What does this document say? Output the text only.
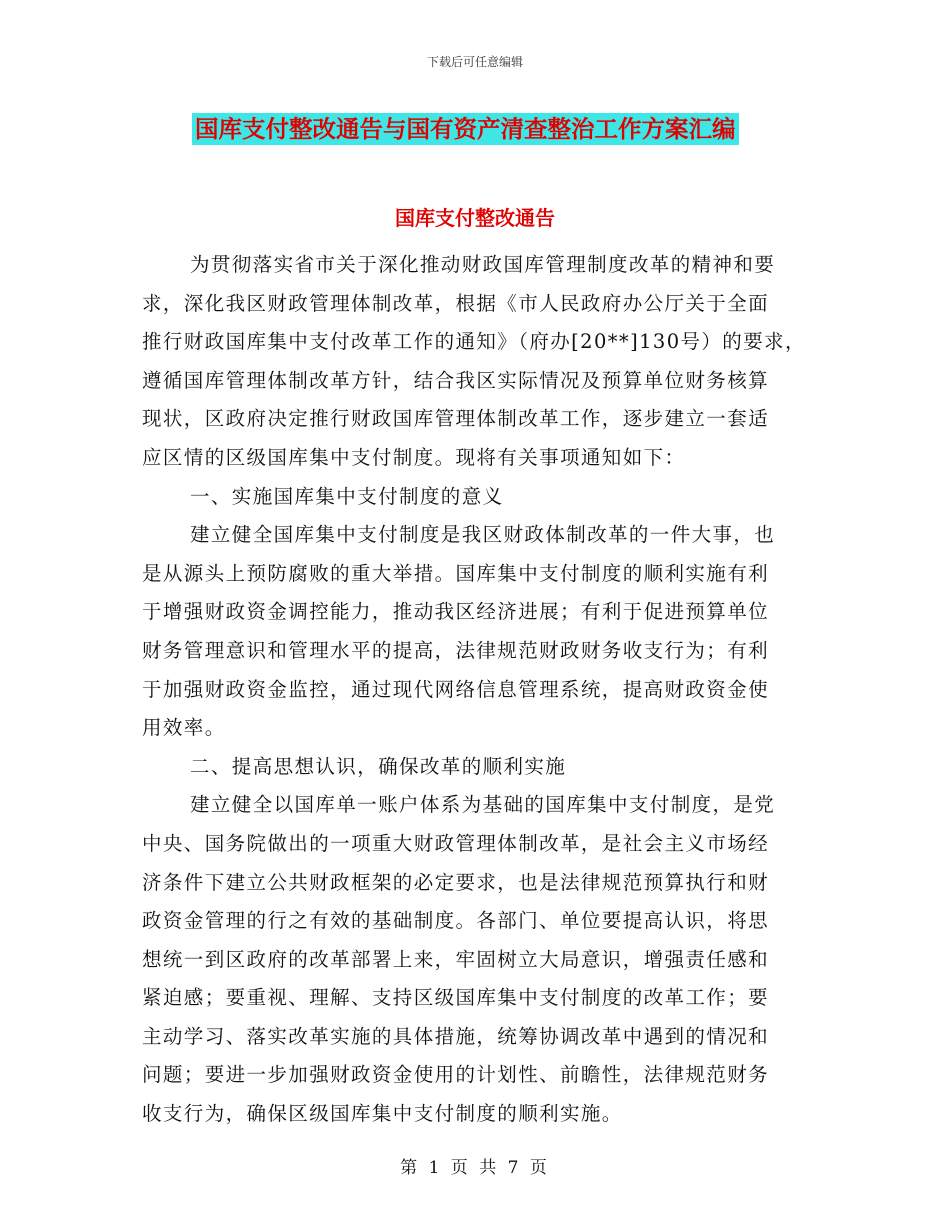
下载后可任意编辑
国库支付整改通告与国有资产清查整治工作方案汇编
国库支付整改通告
为贯彻落实省市关于深化推动财政国库管理制度改革的精神和要
求，深化我区财政管理体制改革，根据《市人民政府办公厅关于全面
推行财政国库集中支付改革工作的通知》（府办[20**]130号）的要求，
遵循国库管理体制改革方针，结合我区实际情况及预算单位财务核算
现状，区政府决定推行财政国库管理体制改革工作，逐步建立一套适
应区情的区级国库集中支付制度。现将有关事项通知如下：
一、实施国库集中支付制度的意义
建立健全国库集中支付制度是我区财政体制改革的一件大事，也
是从源头上预防腐败的重大举措。国库集中支付制度的顺利实施有利
于增强财政资金调控能力，推动我区经济进展；有利于促进预算单位
财务管理意识和管理水平的提高，法律规范财政财务收支行为；有利
于加强财政资金监控，通过现代网络信息管理系统，提高财政资金使
用效率。
二、提高思想认识，确保改革的顺利实施
建立健全以国库单一账户体系为基础的国库集中支付制度，是党
中央、国务院做出的一项重大财政管理体制改革，是社会主义市场经
济条件下建立公共财政框架的必定要求，也是法律规范预算执行和财
政资金管理的行之有效的基础制度。各部门、单位要提高认识，将思
想统一到区政府的改革部署上来，牢固树立大局意识，增强责任感和
紧迫感；要重视、理解、支持区级国库集中支付制度的改革工作；要
主动学习、落实改革实施的具体措施，统筹协调改革中遇到的情况和
问题；要进一步加强财政资金使用的计划性、前瞻性，法律规范财务
收支行为，确保区级国库集中支付制度的顺利实施。
第 1 页 共 7 页
